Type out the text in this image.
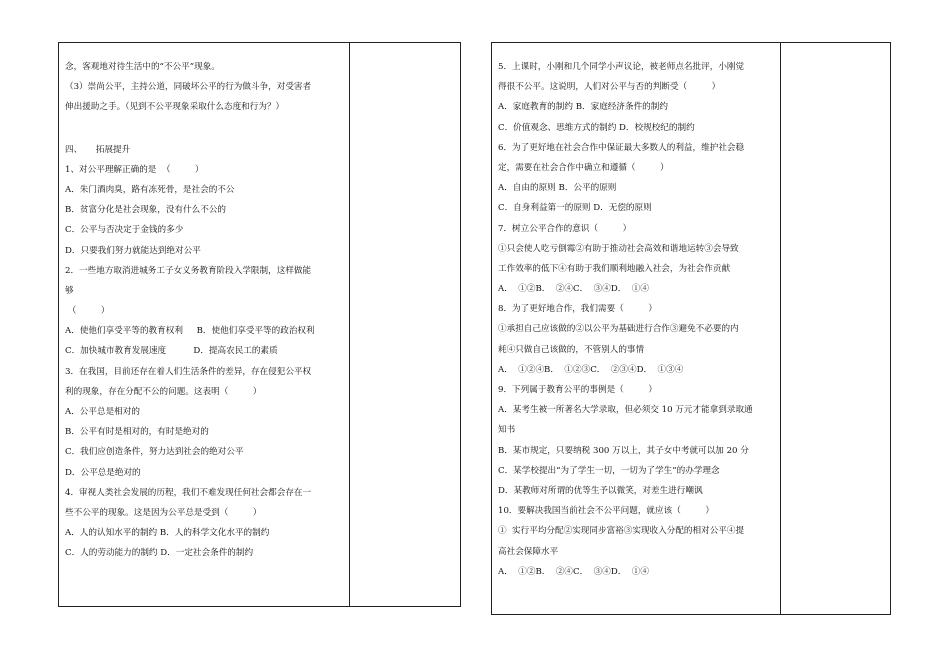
念，客观地对待生活中的“不公平”现象。
（3）崇尚公平，主持公道，同破坏公平的行为做斗争，对受害者
伸出援助之手。（见到不公平现象采取什么态度和行为？）
四、     拓展提升
1、对公平理解正确的是  （         ）
A．朱门酒肉臭，路有冻死骨，是社会的不公
B．贫富分化是社会现象，没有什么不公的
C．公平与否决定于金钱的多少
D．只要我们努力就能达到绝对公平
2．一些地方取消进城务工子女义务教育阶段入学限制，这样做能
够
（         ）
A．使他们享受平等的教育权利     B．使他们享受平等的政治权利
C．加快城市教育发展速度          D．提高农民工的素质
3．在我国，目前还存在着人们生活条件的差异，存在侵犯公平权
利的现象，存在分配不公的问题。这表明（         ）
A．公平总是相对的
B．公平有时是相对的，有时是绝对的
C．我们应创造条件，努力达到社会的绝对公平
D．公平总是绝对的
4．审视人类社会发展的历程，我们不难发现任何社会都会存在一
些不公平的现象。这是因为公平总是受到（         ）
A．人的认知水平的制约 B．人的科学文化水平的制约
C．人的劳动能力的制约 D．一定社会条件的制约
5．上课时，小刚和几个同学小声议论，被老师点名批评，小刚觉
得很不公平。这说明，人们对公平与否的判断受（         ）
A．家庭教育的制约 B．家庭经济条件的制约
C．价值观念、思维方式的制约 D．校规校纪的制约
6．为了更好地在社会合作中保证最大多数人的利益，维护社会稳
定，需要在社会合作中确立和遵循（         ）
A．自由的原则 B．公平的原则
C．自身利益第一的原则 D．无偿的原则
7．树立公平合作的意识（         ）
①只会使人吃亏倒霉②有助于推动社会高效和谐地运转③会导致
工作效率的低下④有助于我们顺利地融入社会，为社会作贡献
A．  ①②B．  ②④C．  ③④D．  ①④
8．为了更好地合作，我们需要（         ）
①承担自己应该做的②以公平为基础进行合作③避免不必要的内
耗④只做自己该做的，不管别人的事情
A．  ①②④B．  ①②③C．  ②③④D．  ①③④
9．下列属于教育公平的事例是（         ）
A．某考生被一所著名大学录取，但必须交 10 万元才能拿到录取通
知书
B．某市规定，只要纳税 300 万以上，其子女中考就可以加 20 分
C．某学校提出“为了学生一切，一切为了学生”的办学理念
D．某教师对所谓的优等生予以微笑，对差生进行嘲讽
10．要解决我国当前社会不公平问题，就应该（         ）
①  实行平均分配②实现同步富裕③实现收入分配的相对公平④提
高社会保障水平
A．  ①②B．  ②④C．  ③④D．  ①④
